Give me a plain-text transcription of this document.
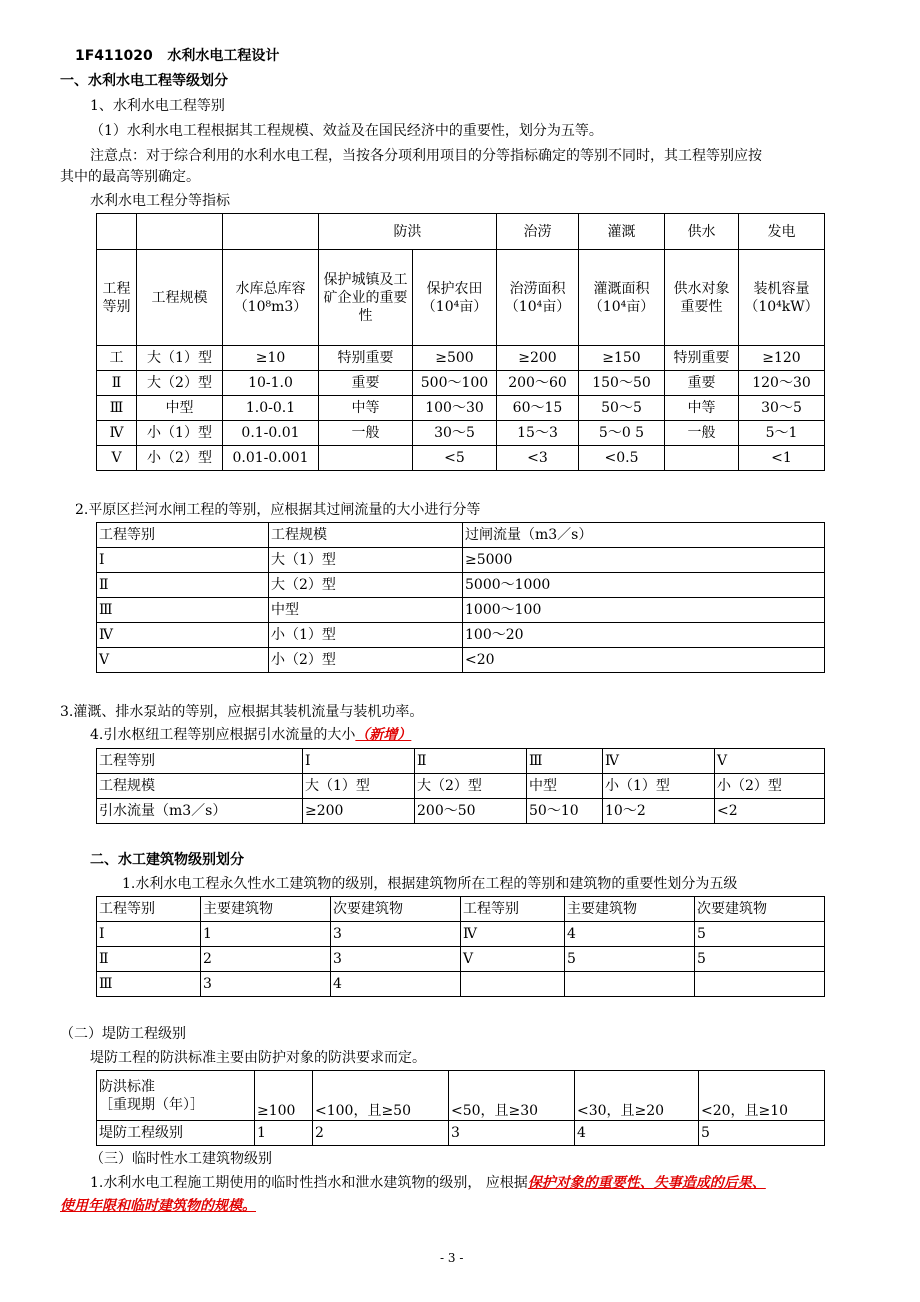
1F411020 水利水电工程设计
一、水利水电工程等级划分
1、水利水电工程等别
（1）水利水电工程根据其工程规模、效益及在国民经济中的重要性，划分为五等。
注意点：对于综合利用的水利水电工程，当按各分项利用项目的分等指标确定的等别不同时，其工程等别应按
其中的最高等别确定。
水利水电工程分等指标
			防洪		治涝	灌溉	供水	发电
工程等别	工程规模	水库总库容
（10⁸m3）	保护城镇及工矿企业的重要性	保护农田
（10⁴亩）	治涝面积
（10⁴亩）	灌溉面积
（10⁴亩）	供水对象重要性	装机容量
（10⁴kW）
工	大（1）型	≥10	特别重要	≥500	≥200	≥150	特别重要	≥120
Ⅱ	大（2）型	10-1.0	重要	500～100	200～60	150～50	重要	120～30
Ⅲ	中型	1.0-0.1	中等	100～30	60～15	50～5	中等	30～5
Ⅳ	小（1）型	0.1-0.01	一般	30～5	15～3	5～0 5	一般	5～1
Ⅴ	小（2）型	0.01-0.001		<5	<3	<0.5		<1
2.平原区拦河水闸工程的等别，应根据其过闸流量的大小进行分等
工程等别	工程规模	过闸流量（m3／s）
I	大（1）型	≥5000
Ⅱ	大（2）型	5000～1000
Ⅲ	中型	1000～100
Ⅳ	小（1）型	100～20
Ⅴ	小（2）型	<20
3.灌溉、排水泵站的等别，应根据其装机流量与装机功率。
4.引水枢纽工程等别应根据引水流量的大小（新增）
工程等别	I	Ⅱ	Ⅲ	Ⅳ	Ⅴ
工程规模	大（1）型	大（2）型	中型	小（1）型	小（2）型
引水流量（m3／s）	≥200	200～50	50～10	10～2	<2
二、水工建筑物级别划分
1.水利水电工程永久性水工建筑物的级别，根据建筑物所在工程的等别和建筑物的重要性划分为五级
工程等别	主要建筑物	次要建筑物	工程等别	主要建筑物	次要建筑物
I	1	3	Ⅳ	4	5
Ⅱ	2	3	Ⅴ	5	5
Ⅲ	3	4			
（二）堤防工程级别
堤防工程的防洪标准主要由防护对象的防洪要求而定。
防洪标准
［重现期（年）］	≥100	<100，且≥50	<50，且≥30	<30，且≥20	<20，且≥10
堤防工程级别	1	2	3	4	5
（三）临时性水工建筑物级别
1.水利水电工程施工期使用的临时性挡水和泄水建筑物的级别， 应根据保护对象的重要性、失事造成的后果、
使用年限和临时建筑物的规模。
- 3 -
